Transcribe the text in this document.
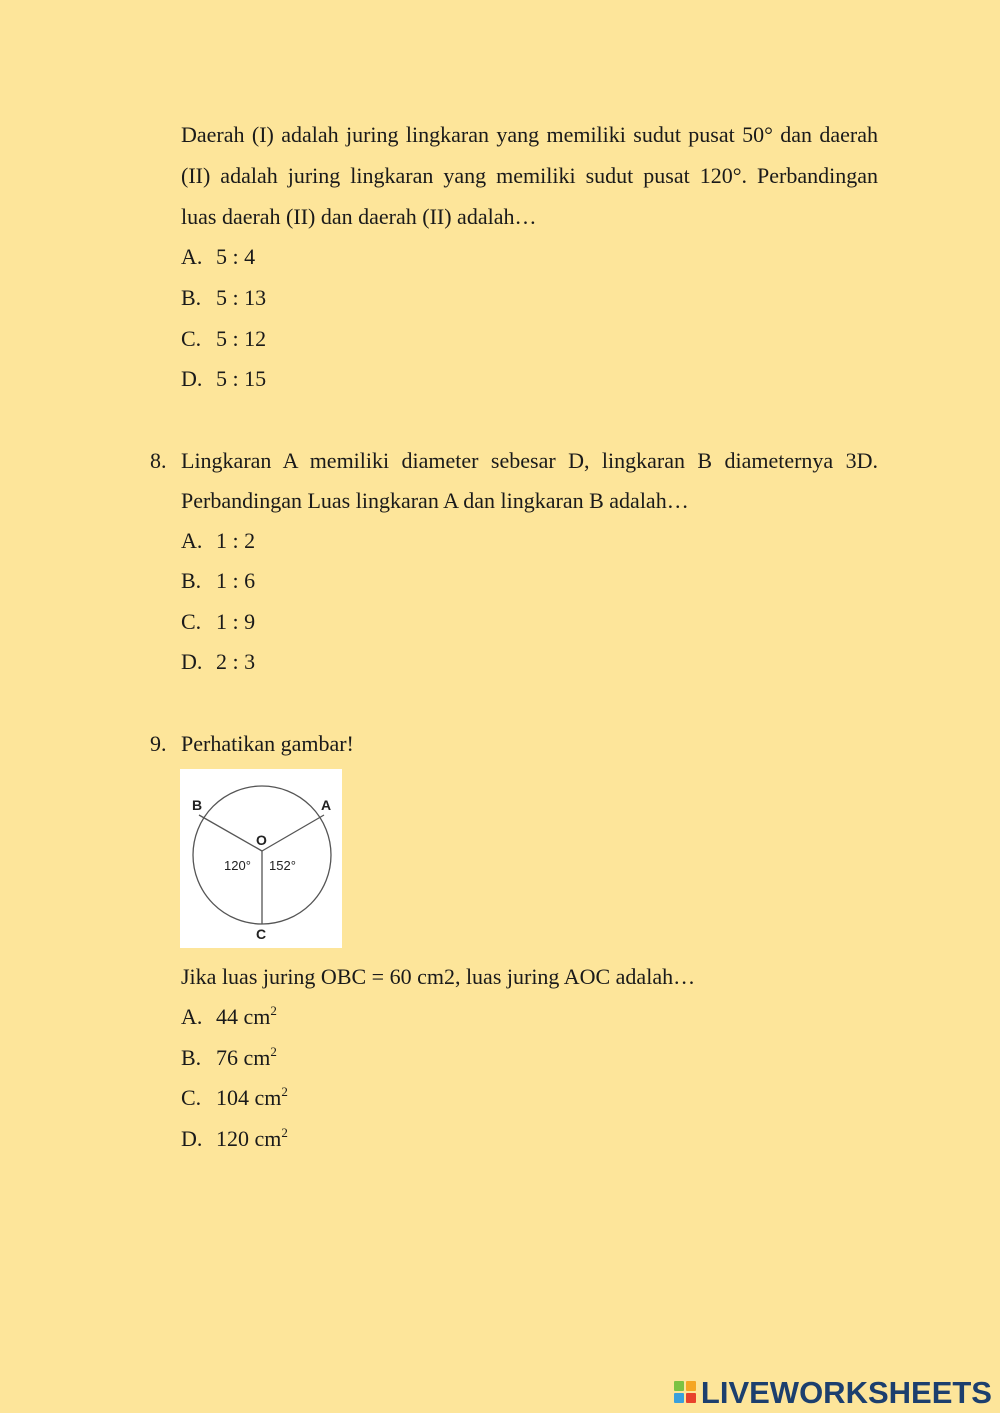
Daerah (I) adalah juring lingkaran yang memiliki sudut pusat 50° dan daerah (II) adalah juring lingkaran yang memiliki sudut pusat 120°. Perbandingan luas daerah (II) dan daerah (II) adalah…
A. 5 : 4
B. 5 : 13
C. 5 : 12
D. 5 : 15
8. Lingkaran A memiliki diameter sebesar D, lingkaran B diameternya 3D.
Perbandingan Luas lingkaran A dan lingkaran B adalah…
A. 1 : 2
B. 1 : 6
C. 1 : 9
D. 2 : 3
9. Perhatikan gambar!
B	A
O
C
120° 152°
Jika luas juring OBC = 60 cm2, luas juring AOC adalah…
A. 44 $cm^2$
B. 76 $cm^2$
C. 104 $cm^2$
D. 120 $cm^2$
LIVEWORKSHEETS
